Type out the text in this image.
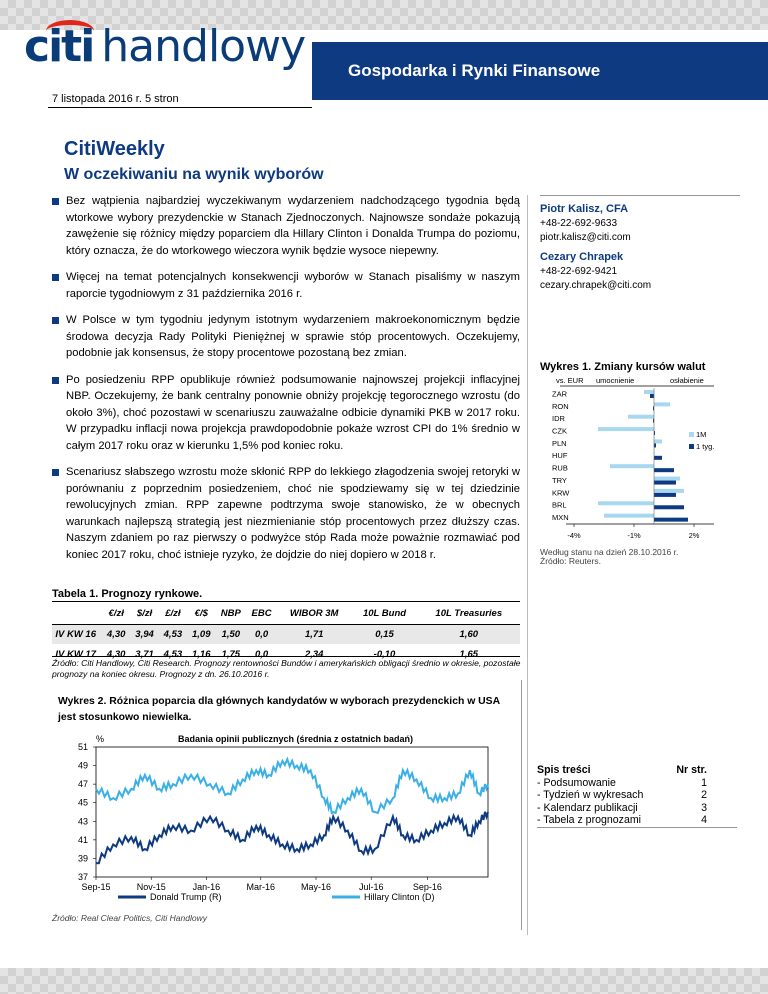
citi handlowy	Gospodarka i Rynki Finansowe
7 listopada 2016 r. 5 stron
CitiWeekly
W oczekiwaniu na wynik wyborów
Bez wątpienia najbardziej wyczekiwanym wydarzeniem nadchodzącego tygodnia będą wtorkowe wybory prezydenckie w Stanach Zjednoczonych. Najnowsze sondaże pokazują zawężenie się różnicy między poparciem dla Hillary Clinton i Donalda Trumpa do poziomu, który oznacza, że do wtorkowego wieczora wynik będzie wysoce niepewny.
Więcej na temat potencjalnych konsekwencji wyborów w Stanach pisaliśmy w naszym raporcie tygodniowym z 31 października 2016 r.
W Polsce w tym tygodniu jedynym istotnym wydarzeniem makroekonomicznym będzie środowa decyzja Rady Polityki Pieniężnej w sprawie stóp procentowych. Oczekujemy, podobnie jak konsensus, że stopy procentowe pozostaną bez zmian.
Po posiedzeniu RPP opublikuje również podsumowanie najnowszej projekcji inflacyjnej NBP. Oczekujemy, że bank centralny ponownie obniży projekcję tegorocznego wzrostu (do około 3%), choć pozostawi w scenariuszu zauważalne odbicie dynamiki PKB w 2017 roku. W przypadku inflacji nowa projekcja prawdopodobnie pokaże wzrost CPI do 1% średnio w całym 2017 roku oraz w kierunku 1,5% pod koniec roku.
Scenariusz słabszego wzrostu może skłonić RPP do lekkiego złagodzenia swojej retoryki w porównaniu z poprzednim posiedzeniem, choć nie spodziewamy się w tej dziedzinie rewolucyjnych zmian. RPP zapewne podtrzyma swoje stanowisko, że w obecnych warunkach najlepszą strategią jest niezmienianie stóp procentowych przez dłuższy czas. Naszym zdaniem po raz pierwszy o podwyżce stóp Rada może poważnie rozmawiać pod koniec 2017 roku, choć istnieje ryzyko, że dojdzie do niej dopiero w 2018 r.
Piotr Kalisz, CFA
+48-22-692-9633
piotr.kalisz@citi.com
Cezary Chrapek
+48-22-692-9421
cezary.chrapek@citi.com
Wykres 1. Zmiany kursów walut
vs. EUR umocnienie	osłabienie
ZAR
RON
IDR
CZK
PLN
HUF
RUB
TRY
KRW
BRL
MXN
-4%	-1%	2%
1M
1 tyg.
Według stanu na dzień 28.10.2016 r.
Źródło: Reuters.
Tabela 1. Prognozy rynkowe.
	€/zł	$/zł	£/zł	€/$	NBP	EBC	WIBOR 3M	10L Bund	10L Treasuries
IV KW 16	4,30	3,94	4,53	1,09	1,50	0,0	1,71	0,15	1,60
IV KW 17	4,30	3,71	4,53	1,16	1,75	0,0	2,34	-0,10	1,65
Źródło: Citi Handlowy, Citi Research. Prognozy rentowności Bundów i amerykańskich obligacji średnio w okresie, pozostałe prognozy na koniec okresu. Prognozy z dn. 26.10.2016 r.
Wykres 2. Różnica poparcia dla głównych kandydatów w wyborach prezydenckich w USA jest stosunkowo niewielka.
Badania opinii publicznych (średnia z ostatnich badań)
%
37
39
41
43
45
47
49
51
Sep-15	Nov-15	Jan-16	Mar-16	May-16	Jul-16	Sep-16
Donald Trump (R)	Hillary Clinton (D)
Źródło: Real Clear Politics, Citi Handlowy
Spis treści	Nr str.
- Podsumowanie	1
- Tydzień w wykresach	2
- Kalendarz publikacji	3
- Tabela z prognozami	4
